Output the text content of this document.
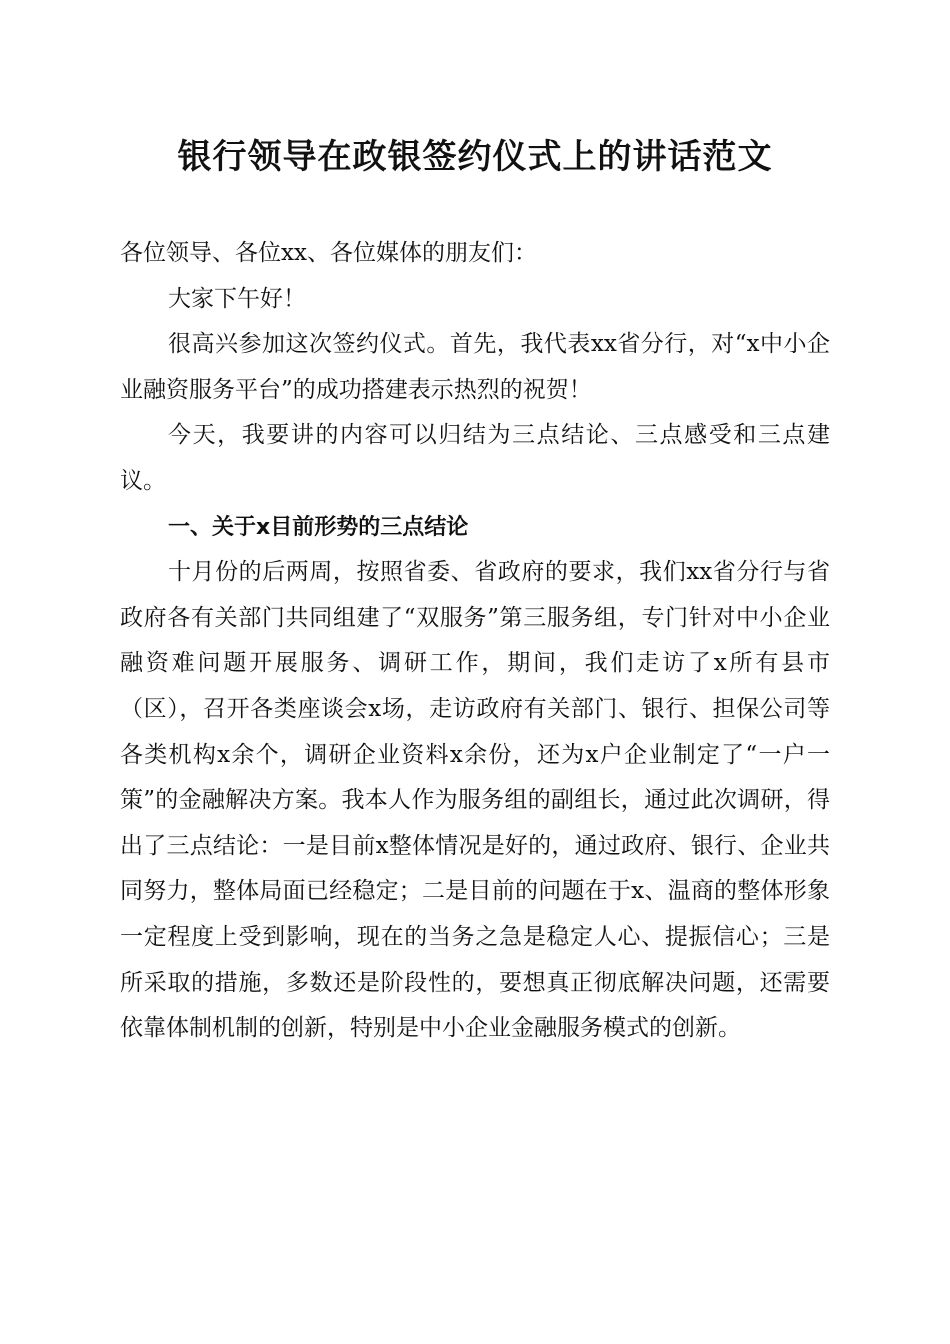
银行领导在政银签约仪式上的讲话范文

各位领导、各位xx、各位媒体的朋友们：

大家下午好！

很高兴参加这次签约仪式。首先，我代表xx省分行，对“x中小企业融资服务平台”的成功搭建表示热烈的祝贺！

今天，我要讲的内容可以归结为三点结论、三点感受和三点建议。

一、关于x目前形势的三点结论

十月份的后两周，按照省委、省政府的要求，我们xx省分行与省政府各有关部门共同组建了“双服务”第三服务组，专门针对中小企业融资难问题开展服务、调研工作，期间，我们走访了x所有县市（区），召开各类座谈会x场，走访政府有关部门、银行、担保公司等各类机构x余个，调研企业资料x余份，还为x户企业制定了“一户一策”的金融解决方案。我本人作为服务组的副组长，通过此次调研，得出了三点结论：一是目前x整体情况是好的，通过政府、银行、企业共同努力，整体局面已经稳定；二是目前的问题在于x、温商的整体形象一定程度上受到影响，现在的当务之急是稳定人心、提振信心；三是所采取的措施，多数还是阶段性的，要想真正彻底解决问题，还需要依靠体制机制的创新，特别是中小企业金融服务模式的创新。
